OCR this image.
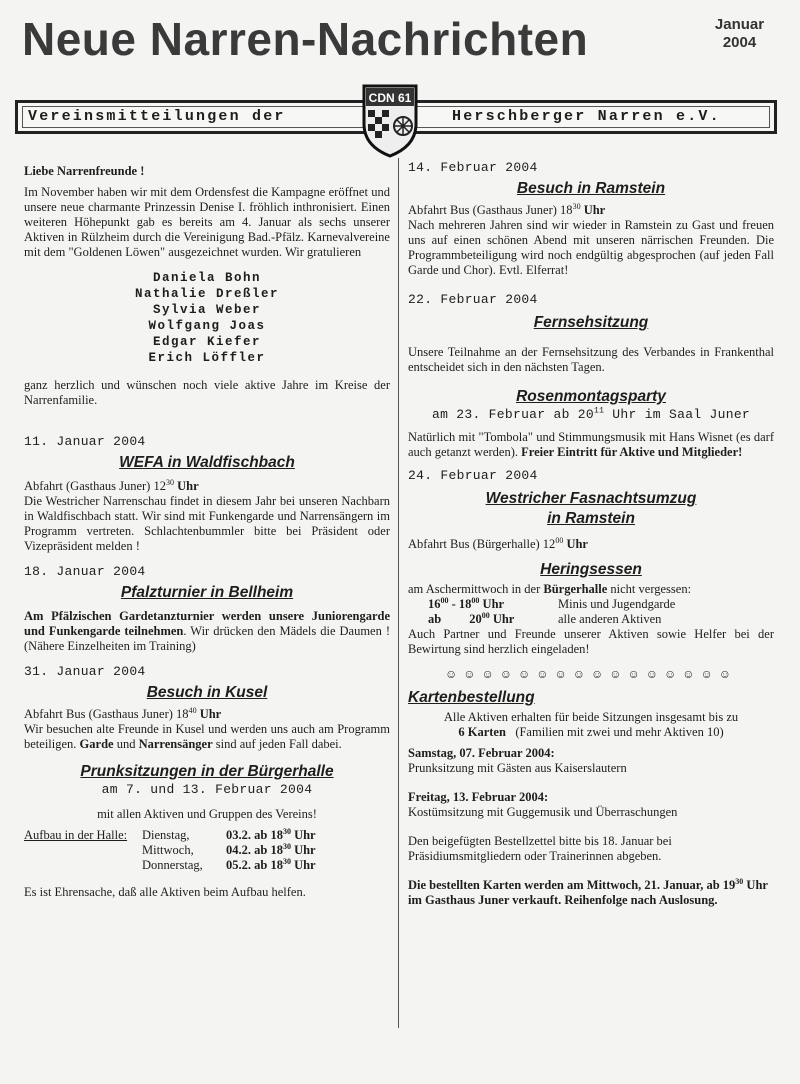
Neue Narren-Nachrichten	Januar
2004
Vereinsmitteilungen der	Herschberger Narren e.V.
CDN 61

Liebe Narrenfreunde !

Im November haben wir mit dem Ordensfest die Kampagne eröffnet und unsere neue charmante Prinzessin Denise I. fröhlich inthronisiert. Einen weiteren Höhepunkt gab es bereits am 4. Januar als sechs unserer Aktiven in Rülzheim durch die Vereinigung Bad.-Pfälz. Karnevalvereine mit dem "Goldenen Löwen" ausgezeichnet wurden. Wir gratulieren

Daniela Bohn
Nathalie Dreßler
Sylvia Weber
Wolfgang Joas
Edgar Kiefer
Erich Löffler

ganz herzlich und wünschen noch viele aktive Jahre im Kreise der Narrenfamilie.

11. Januar 2004

WEFA in Waldfischbach

Abfahrt (Gasthaus Juner) $12^{30}$ Uhr

Die Westricher Narrenschau findet in diesem Jahr bei unseren Nachbarn in Waldfischbach statt. Wir sind mit Funkengarde und Narrensängern im Programm vertreten. Schlachtenbummler bitte bei Präsident oder Vizepräsident melden !

18. Januar 2004

Pfalzturnier in Bellheim

Am Pfälzischen Gardetanzturnier werden unsere Juniorengarde und Funkengarde teilnehmen. Wir drücken den Mädels die Daumen ! (Nähere Einzelheiten im Training)

31. Januar 2004

Besuch in Kusel

Abfahrt Bus (Gasthaus Juner) $18^{40}$ Uhr

Wir besuchen alte Freunde in Kusel und werden uns auch am Programm beteiligen. Garde und Narrensänger sind auf jeden Fall dabei.

Prunksitzungen in der Bürgerhalle

am 7. und 13. Februar 2004

mit allen Aktiven und Gruppen des Vereins!

Aufbau in der Halle:	Dienstag,	03.2. ab $18^{30}$ Uhr
	Mittwoch,	04.2. ab $18^{30}$ Uhr
	Donnerstag,	05.2. ab $18^{30}$ Uhr

Es ist Ehrensache, daß alle Aktiven beim Aufbau helfen.

14. Februar 2004

Besuch in Ramstein

Abfahrt Bus (Gasthaus Juner) $18^{30}$ Uhr

Nach mehreren Jahren sind wir wieder in Ramstein zu Gast und freuen uns auf einen schönen Abend mit unseren närrischen Freunden. Die Programmbeteiligung wird noch endgültig abgesprochen (auf jeden Fall Garde und Chor). Evtl. Elferrat!

22. Februar 2004

Fernsehsitzung

Unsere Teilnahme an der Fernsehsitzung des Verbandes in Frankenthal entscheidet sich in den nächsten Tagen.

Rosenmontagsparty

am 23. Februar ab $20^{11}$ Uhr im Saal Juner

Natürlich mit "Tombola" und Stimmungsmusik mit Hans Wisnet (es darf auch getanzt werden). Freier Eintritt für Aktive und Mitglieder!

24. Februar 2004

Westricher Fasnachtsumzug

in Ramstein

Abfahrt Bus (Bürgerhalle) $12^{00}$ Uhr

Heringsessen

am Aschermittwoch in der Bürgerhalle nicht vergessen:

$16^{00} - 18^{00}$ Uhr	Minis und Jugendgarde
ab $20^{00}$ Uhr	alle anderen Aktiven

Auch Partner und Freunde unserer Aktiven sowie Helfer bei der Bewirtung sind herzlich eingeladen!

☺☺☺☺☺☺☺☺☺☺☺☺☺☺☺☺

Kartenbestellung

Alle Aktiven erhalten für beide Sitzungen insgesamt bis zu

6 Karten   (Familien mit zwei und mehr Aktiven 10)

Samstag, 07. Februar 2004:

Prunksitzung mit Gästen aus Kaiserslautern

Freitag, 13. Februar 2004:

Kostümsitzung mit Guggemusik und Überraschungen

Den beigefügten Bestellzettel bitte bis 18. Januar bei Präsidiumsmitgliedern oder Trainerinnen abgeben.

Die bestellten Karten werden am Mittwoch, 21. Januar, ab $19^{30}$ Uhr im Gasthaus Juner verkauft. Reihenfolge nach Auslosung.
